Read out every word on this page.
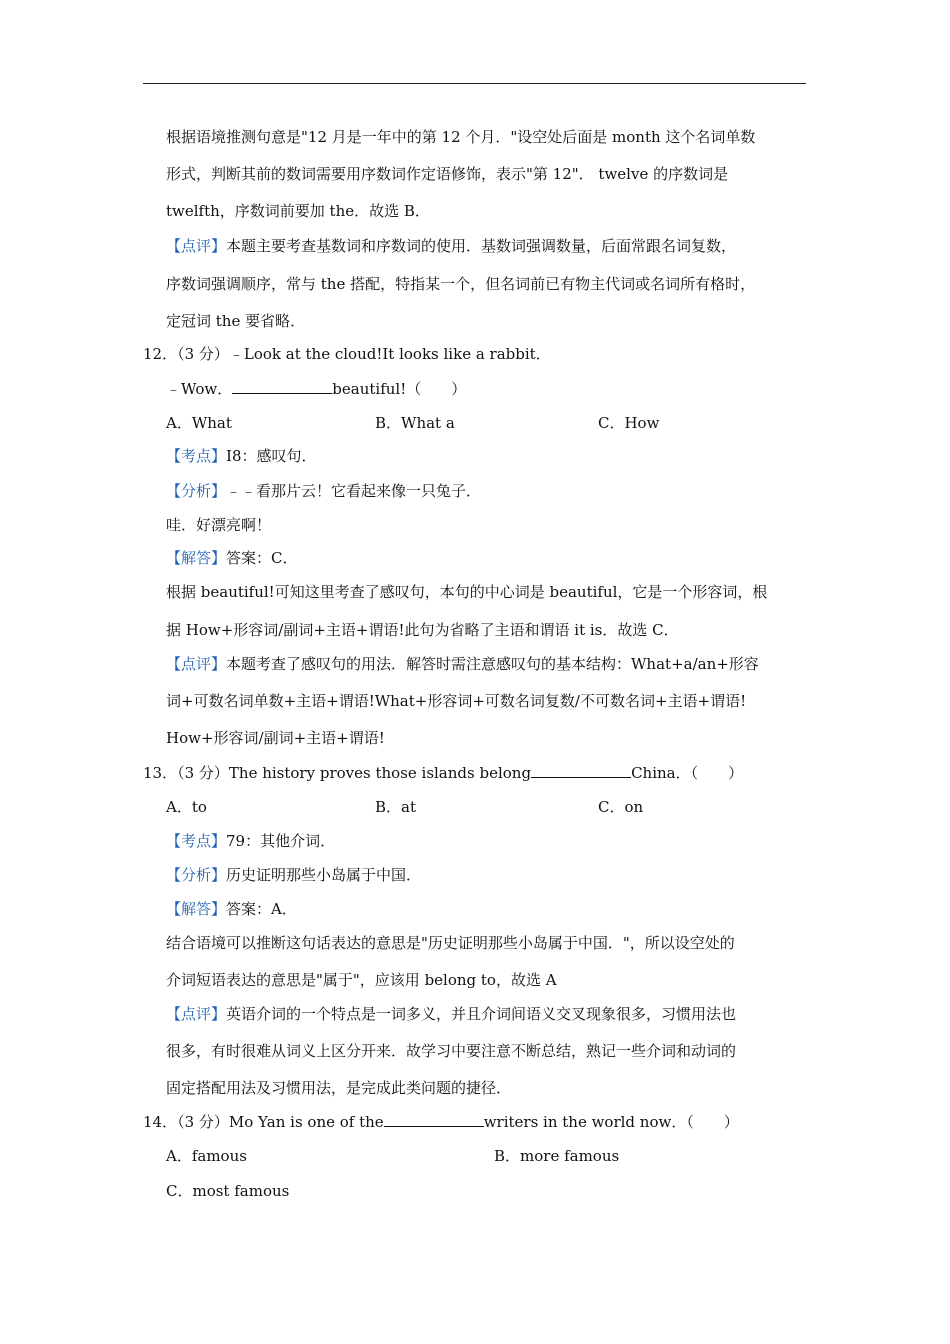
根据语境推测句意是"12 月是一年中的第 12 个月．"设空处后面是 month 这个名词单数
形式，判断其前的数词需要用序数词作定语修饰，表示"第 12"． twelve 的序数词是
twelfth，序数词前要加 the．故选 B．
【点评】本题主要考查基数词和序数词的使用．基数词强调数量，后面常跟名词复数，
序数词强调顺序，常与 the 搭配，特指某一个，但名词前已有物主代词或名词所有格时，
定冠词 the 要省略．
12．（3 分）﹣Look at the cloud!It looks like a rabbit．
﹣Wow．	beautiful!（　　）
A．What	B．What a	C．How
【考点】I8：感叹句．
【分析】﹣﹣看那片云！它看起来像一只兔子．
哇．好漂亮啊！
【解答】答案：C．
根据 beautiful!可知这里考查了感叹句，本句的中心词是 beautiful，它是一个形容词，根
据 How+形容词/副词+主语+谓语!此句为省略了主语和谓语 it is．故选 C．
【点评】本题考查了感叹句的用法．解答时需注意感叹句的基本结构：What+a/an+形容
词+可数名词单数+主语+谓语!What+形容词+可数名词复数/不可数名词+主语+谓语!
How+形容词/副词+主语+谓语!
13．（3 分）The history proves those islands belong	China．（　　）
A．to	B．at	C．on
【考点】79：其他介词．
【分析】历史证明那些小岛属于中国．
【解答】答案：A．
结合语境可以推断这句话表达的意思是"历史证明那些小岛属于中国．"，所以设空处的
介词短语表达的意思是"属于"，应该用 belong to，故选 A
【点评】英语介词的一个特点是一词多义，并且介词间语义交叉现象很多，习惯用法也
很多，有时很难从词义上区分开来．故学习中要注意不断总结，熟记一些介词和动词的
固定搭配用法及习惯用法，是完成此类问题的捷径．
14．（3 分）Mo Yan is one of the	writers in the world now．（　　）
A．famous	B．more famous
C．most famous
